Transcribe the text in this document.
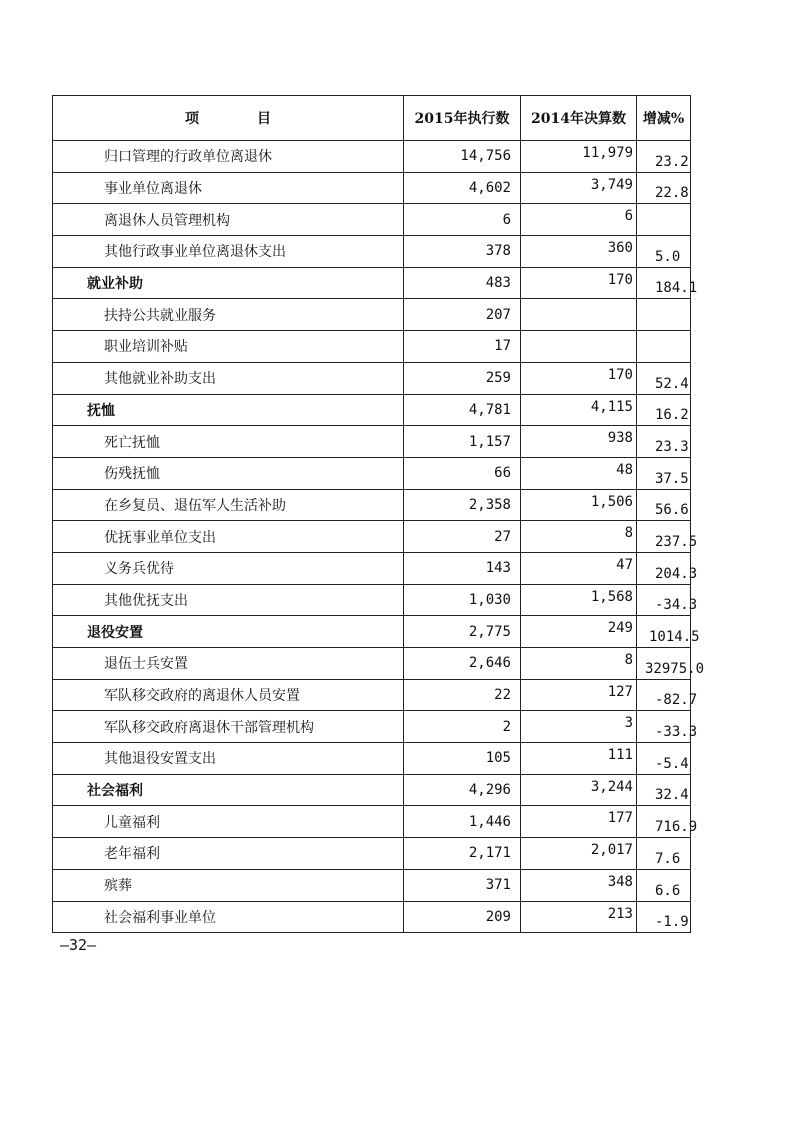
项　目	2015年执行数	2014年决算数	增减%
归口管理的行政单位离退休	14,756	11,979	23.2
事业单位离退休	4,602	3,749	22.8
离退休人员管理机构	6	6	
其他行政事业单位离退休支出	378	360	5.0
就业补助	483	170	184.1
扶持公共就业服务	207		
职业培训补贴	17		
其他就业补助支出	259	170	52.4
抚恤	4,781	4,115	16.2
死亡抚恤	1,157	938	23.3
伤残抚恤	66	48	37.5
在乡复员、退伍军人生活补助	2,358	1,506	56.6
优抚事业单位支出	27	8	237.5
义务兵优待	143	47	204.3
其他优抚支出	1,030	1,568	-34.3
退役安置	2,775	249	1014.5
退伍士兵安置	2,646	8	32975.0
军队移交政府的离退休人员安置	22	127	-82.7
军队移交政府离退休干部管理机构	2	3	-33.3
其他退役安置支出	105	111	-5.4
社会福利	4,296	3,244	32.4
儿童福利	1,446	177	716.9
老年福利	2,171	2,017	7.6
殡葬	371	348	6.6
社会福利事业单位	209	213	-1.9
—32—
